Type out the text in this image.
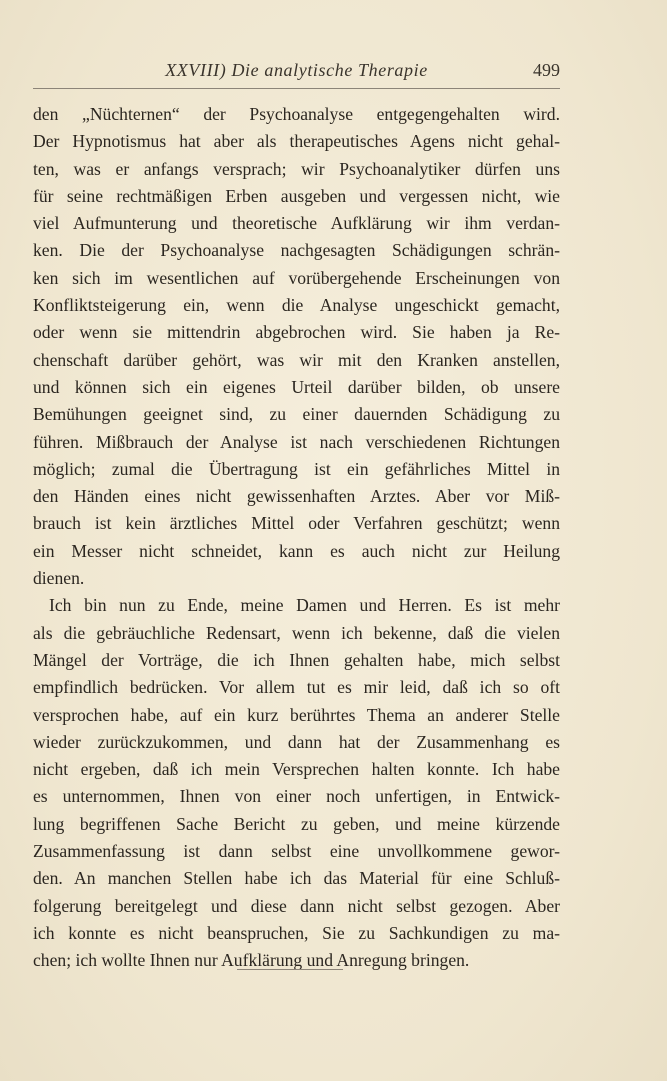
XXVIII) Die analytische Therapie	499
den „Nüchternen“ der Psychoanalyse entgegengehalten wird.
Der Hypnotismus hat aber als therapeutisches Agens nicht gehal-
ten, was er anfangs versprach; wir Psychoanalytiker dürfen uns
für seine rechtmäßigen Erben ausgeben und vergessen nicht, wie
viel Aufmunterung und theoretische Aufklärung wir ihm verdan-
ken. Die der Psychoanalyse nachgesagten Schädigungen schrän-
ken sich im wesentlichen auf vorübergehende Erscheinungen von
Konfliktsteigerung ein, wenn die Analyse ungeschickt gemacht,
oder wenn sie mittendrin abgebrochen wird. Sie haben ja Re-
chenschaft darüber gehört, was wir mit den Kranken anstellen,
und können sich ein eigenes Urteil darüber bilden, ob unsere
Bemühungen geeignet sind, zu einer dauernden Schädigung zu
führen. Mißbrauch der Analyse ist nach verschiedenen Richtungen
möglich; zumal die Übertragung ist ein gefährliches Mittel in
den Händen eines nicht gewissenhaften Arztes. Aber vor Miß-
brauch ist kein ärztliches Mittel oder Verfahren geschützt; wenn
ein Messer nicht schneidet, kann es auch nicht zur Heilung
dienen.
Ich bin nun zu Ende, meine Damen und Herren. Es ist mehr
als die gebräuchliche Redensart, wenn ich bekenne, daß die vielen
Mängel der Vorträge, die ich Ihnen gehalten habe, mich selbst
empfindlich bedrücken. Vor allem tut es mir leid, daß ich so oft
versprochen habe, auf ein kurz berührtes Thema an anderer Stelle
wieder zurückzukommen, und dann hat der Zusammenhang es
nicht ergeben, daß ich mein Versprechen halten konnte. Ich habe
es unternommen, Ihnen von einer noch unfertigen, in Entwick-
lung begriffenen Sache Bericht zu geben, und meine kürzende
Zusammenfassung ist dann selbst eine unvollkommene gewor-
den. An manchen Stellen habe ich das Material für eine Schluß-
folgerung bereitgelegt und diese dann nicht selbst gezogen. Aber
ich konnte es nicht beanspruchen, Sie zu Sachkundigen zu ma-
chen; ich wollte Ihnen nur Aufklärung und Anregung bringen.
